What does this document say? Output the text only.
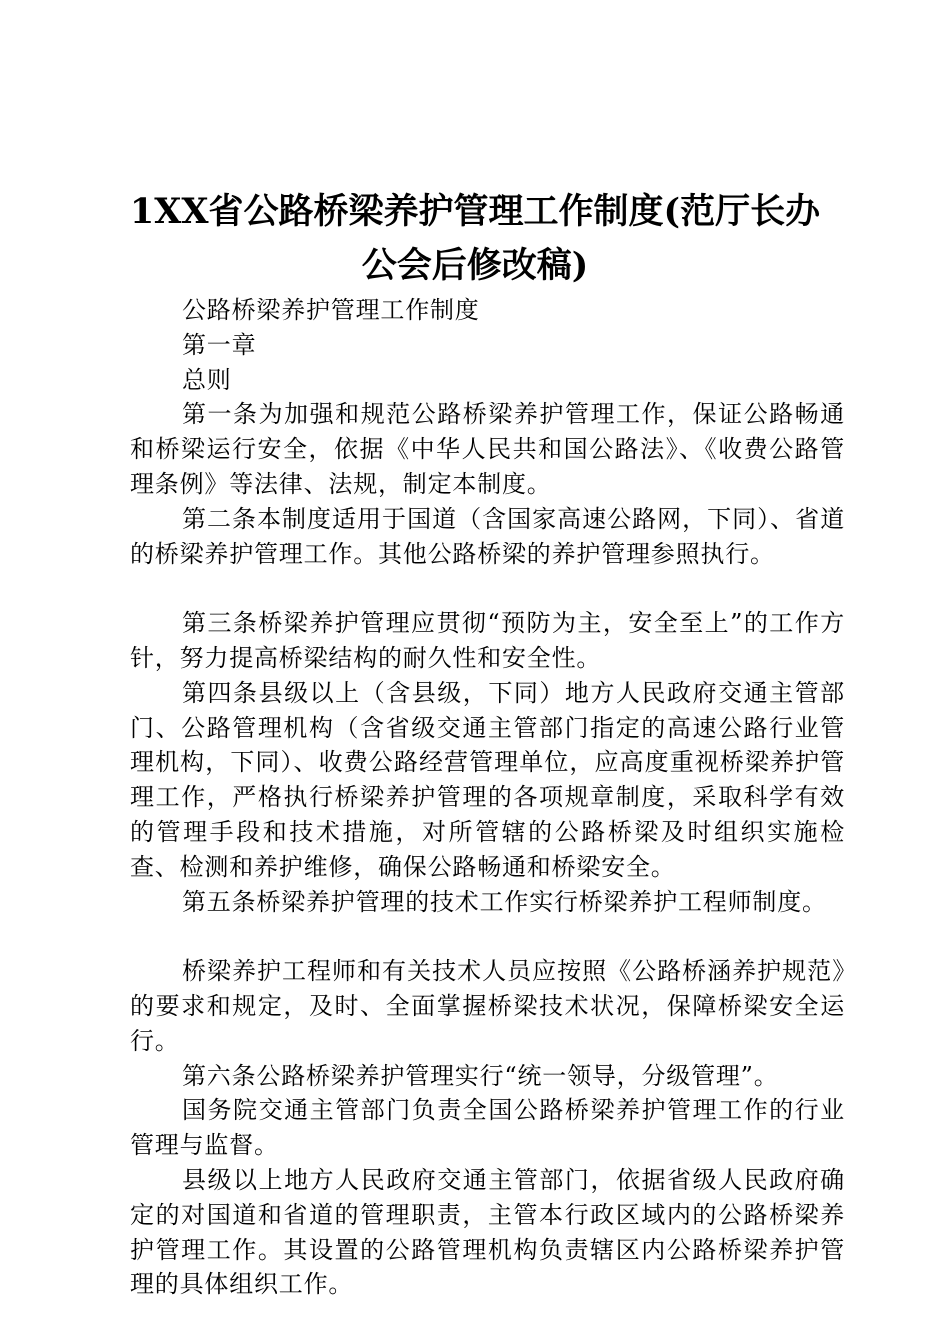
1XX省公路桥梁养护管理工作制度(范厅长办
公会后修改稿)

公路桥梁养护管理工作制度

第一章

总则

第一条为加强和规范公路桥梁养护管理工作，保证公路畅通和桥梁运行安全，依据《中华人民共和国公路法》、《收费公路管理条例》等法律、法规，制定本制度。

第二条本制度适用于国道（含国家高速公路网，下同）、省道的桥梁养护管理工作。其他公路桥梁的养护管理参照执行。

第三条桥梁养护管理应贯彻“预防为主，安全至上”的工作方针，努力提高桥梁结构的耐久性和安全性。

第四条县级以上（含县级，下同）地方人民政府交通主管部门、公路管理机构（含省级交通主管部门指定的高速公路行业管理机构，下同）、收费公路经营管理单位，应高度重视桥梁养护管理工作，严格执行桥梁养护管理的各项规章制度，采取科学有效的管理手段和技术措施，对所管辖的公路桥梁及时组织实施检查、检测和养护维修，确保公路畅通和桥梁安全。

第五条桥梁养护管理的技术工作实行桥梁养护工程师制度。

桥梁养护工程师和有关技术人员应按照《公路桥涵养护规范》的要求和规定，及时、全面掌握桥梁技术状况，保障桥梁安全运行。

第六条公路桥梁养护管理实行“统一领导，分级管理”。

国务院交通主管部门负责全国公路桥梁养护管理工作的行业管理与监督。

县级以上地方人民政府交通主管部门，依据省级人民政府确定的对国道和省道的管理职责，主管本行政区域内的公路桥梁养护管理工作。其设置的公路管理机构负责辖区内公路桥梁养护管理的具体组织工作。
